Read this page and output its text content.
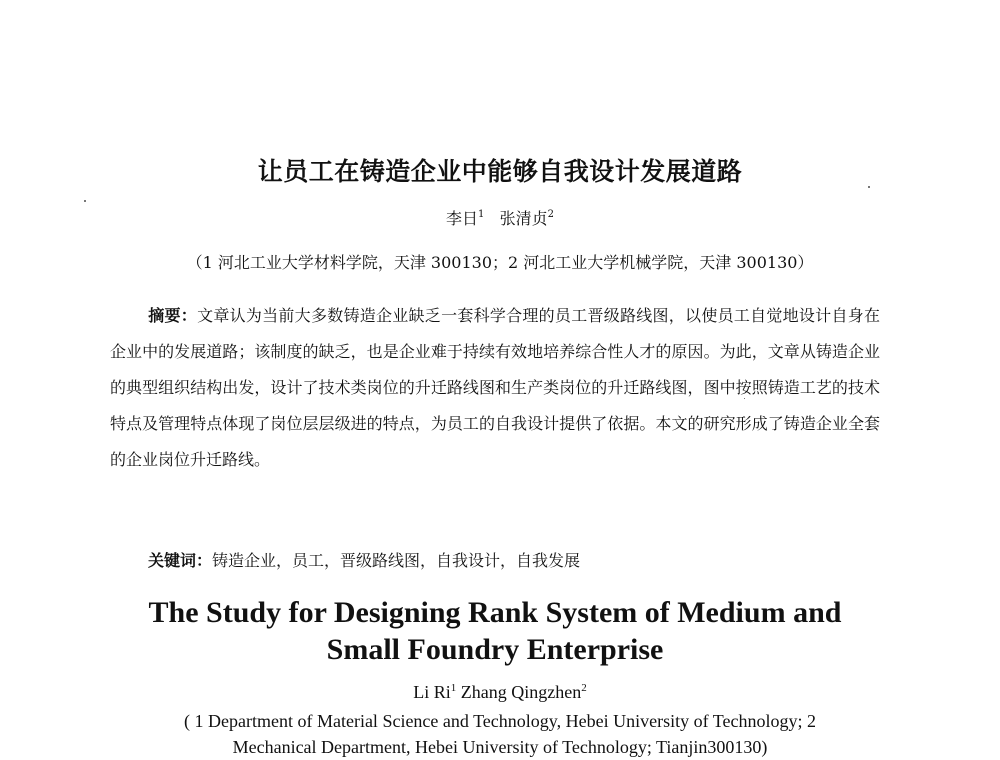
让员工在铸造企业中能够自我设计发展道路
李日$^1$ 张清贞$^2$
（1 河北工业大学材料学院，天津 300130；2 河北工业大学机械学院，天津 300130）
摘要：文章认为当前大多数铸造企业缺乏一套科学合理的员工晋级路线图，以使员工自觉地设计自身在企业中的发展道路；该制度的缺乏，也是企业难于持续有效地培养综合性人才的原因。为此，文章从铸造企业的典型组织结构出发，设计了技术类岗位的升迁路线图和生产类岗位的升迁路线图，图中按照铸造工艺的技术特点及管理特点体现了岗位层层级进的特点，为员工的自我设计提供了依据。本文的研究形成了铸造企业全套的企业岗位升迁路线。
关键词：铸造企业，员工，晋级路线图，自我设计，自我发展
The Study for Designing Rank System of Medium and
Small Foundry Enterprise
Li Ri$^1$ Zhang Qingzhen$^2$
( 1 Department of Material Science and Technology, Hebei University of Technology; 2
Mechanical Department, Hebei University of Technology; Tianjin300130)
